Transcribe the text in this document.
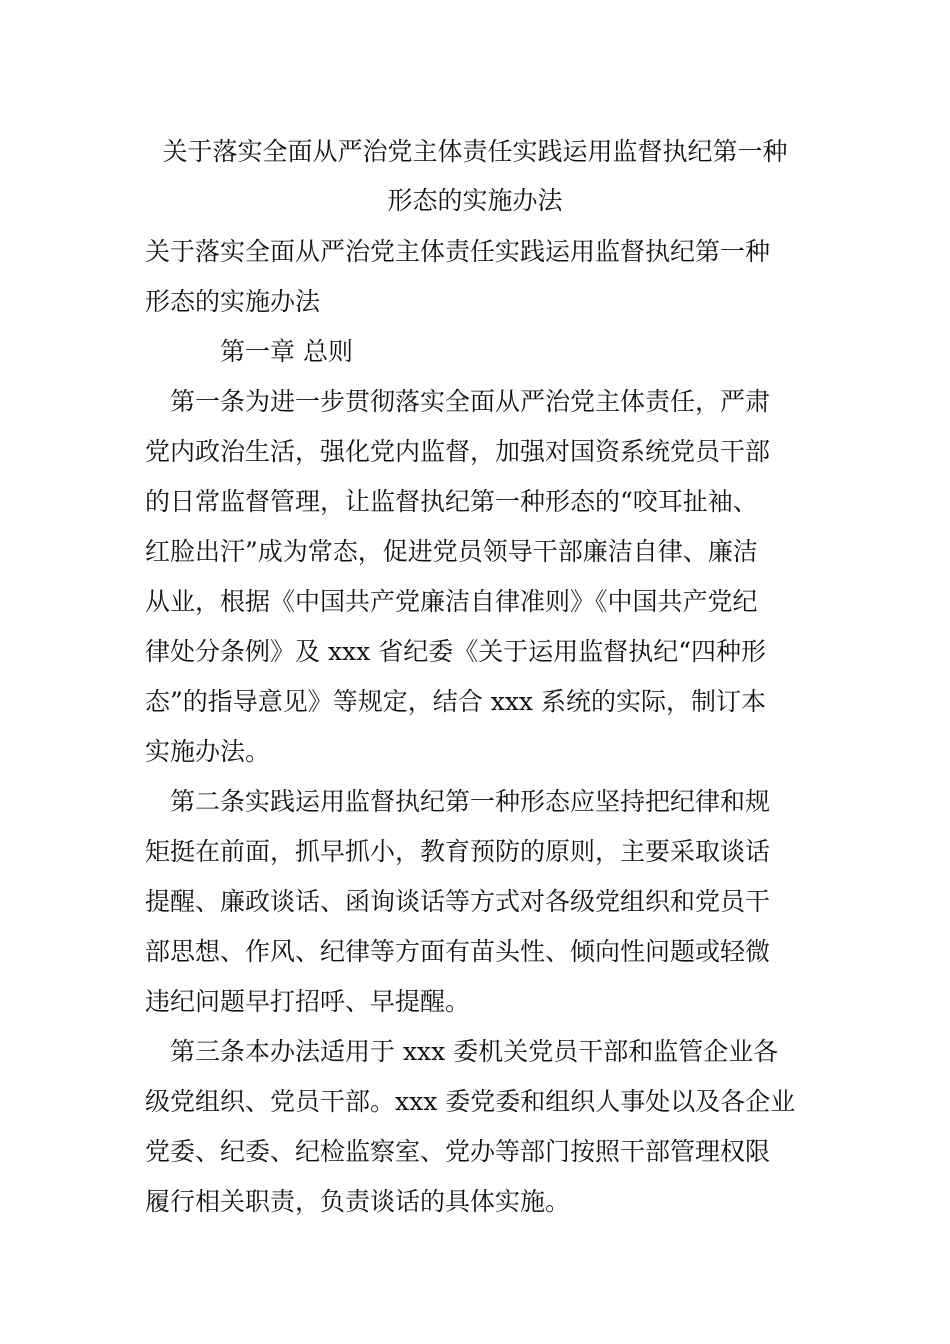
关于落实全面从严治党主体责任实践运用监督执纪第一种
形态的实施办法
关于落实全面从严治党主体责任实践运用监督执纪第一种
形态的实施办法
　　　第一章 总则
　第一条为进一步贯彻落实全面从严治党主体责任，严肃
党内政治生活，强化党内监督，加强对国资系统党员干部
的日常监督管理，让监督执纪第一种形态的“咬耳扯袖、
红脸出汗”成为常态，促进党员领导干部廉洁自律、廉洁
从业，根据《中国共产党廉洁自律准则》《中国共产党纪
律处分条例》及 xxx 省纪委《关于运用监督执纪“四种形
态”的指导意见》等规定，结合 xxx 系统的实际，制订本
实施办法。
　第二条实践运用监督执纪第一种形态应坚持把纪律和规
矩挺在前面，抓早抓小，教育预防的原则，主要采取谈话
提醒、廉政谈话、函询谈话等方式对各级党组织和党员干
部思想、作风、纪律等方面有苗头性、倾向性问题或轻微
违纪问题早打招呼、早提醒。
　第三条本办法适用于 xxx 委机关党员干部和监管企业各
级党组织、党员干部。xxx 委党委和组织人事处以及各企业
党委、纪委、纪检监察室、党办等部门按照干部管理权限
履行相关职责，负责谈话的具体实施。
